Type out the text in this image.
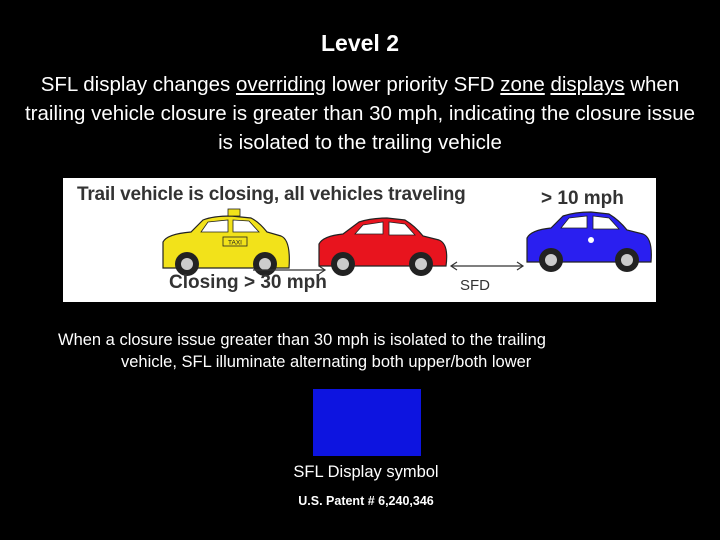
Level 2
SFL display changes overriding lower priority SFD zone displays when trailing vehicle closure is greater than 30 mph, indicating the closure issue is isolated to the trailing vehicle
TAXI
Trail vehicle is closing, all vehicles traveling	> 10 mph
Closing > 30 mph	SFD
When a closure issue greater than 30 mph is isolated to the trailing
vehicle, SFL illuminate alternating both upper/both lower
SFL Display symbol
U.S. Patent # 6,240,346
